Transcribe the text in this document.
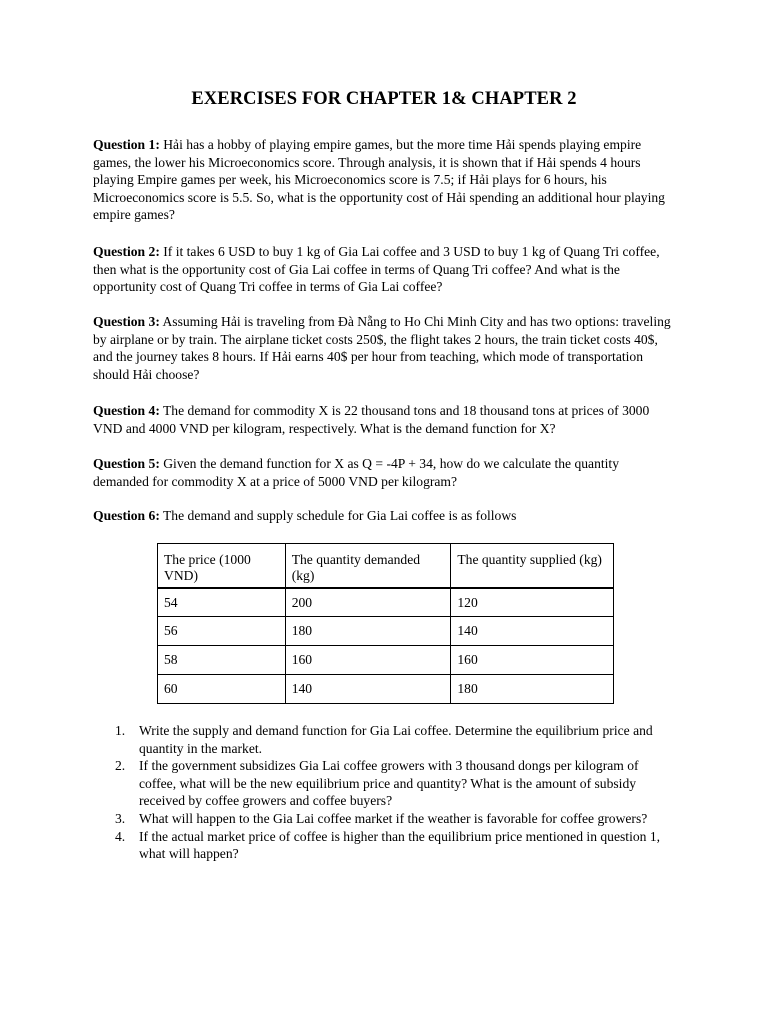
EXERCISES FOR CHAPTER 1& CHAPTER 2

Question 1: Hải has a hobby of playing empire games, but the more time Hải spends playing empire games, the lower his Microeconomics score. Through analysis, it is shown that if Hải spends 4 hours playing Empire games per week, his Microeconomics score is 7.5; if Hải plays for 6 hours, his Microeconomics score is 5.5. So, what is the opportunity cost of Hải spending an additional hour playing empire games?

Question 2: If it takes 6 USD to buy 1 kg of Gia Lai coffee and 3 USD to buy 1 kg of Quang Tri coffee, then what is the opportunity cost of Gia Lai coffee in terms of Quang Tri coffee? And what is the opportunity cost of Quang Tri coffee in terms of Gia Lai coffee?

Question 3: Assuming Hải is traveling from Đà Nẵng to Ho Chi Minh City and has two options: traveling by airplane or by train. The airplane ticket costs 250$, the flight takes 2 hours, the train ticket costs 40$, and the journey takes 8 hours. If Hải earns 40$ per hour from teaching, which mode of transportation should Hải choose?

Question 4: The demand for commodity X is 22 thousand tons and 18 thousand tons at prices of 3000 VND and 4000 VND per kilogram, respectively. What is the demand function for X?

Question 5: Given the demand function for X as Q = -4P + 34, how do we calculate the quantity demanded for commodity X at a price of 5000 VND per kilogram?

Question 6: The demand and supply schedule for Gia Lai coffee is as follows

The price (1000 VND)	The quantity demanded (kg)	The quantity supplied (kg)
54	200	120
56	180	140
58	160	160
60	140	180
1. Write the supply and demand function for Gia Lai coffee. Determine the equilibrium price and quantity in the market.
2. If the government subsidizes Gia Lai coffee growers with 3 thousand dongs per kilogram of coffee, what will be the new equilibrium price and quantity? What is the amount of subsidy received by coffee growers and coffee buyers?
3. What will happen to the Gia Lai coffee market if the weather is favorable for coffee growers?
4. If the actual market price of coffee is higher than the equilibrium price mentioned in question 1, what will happen?
